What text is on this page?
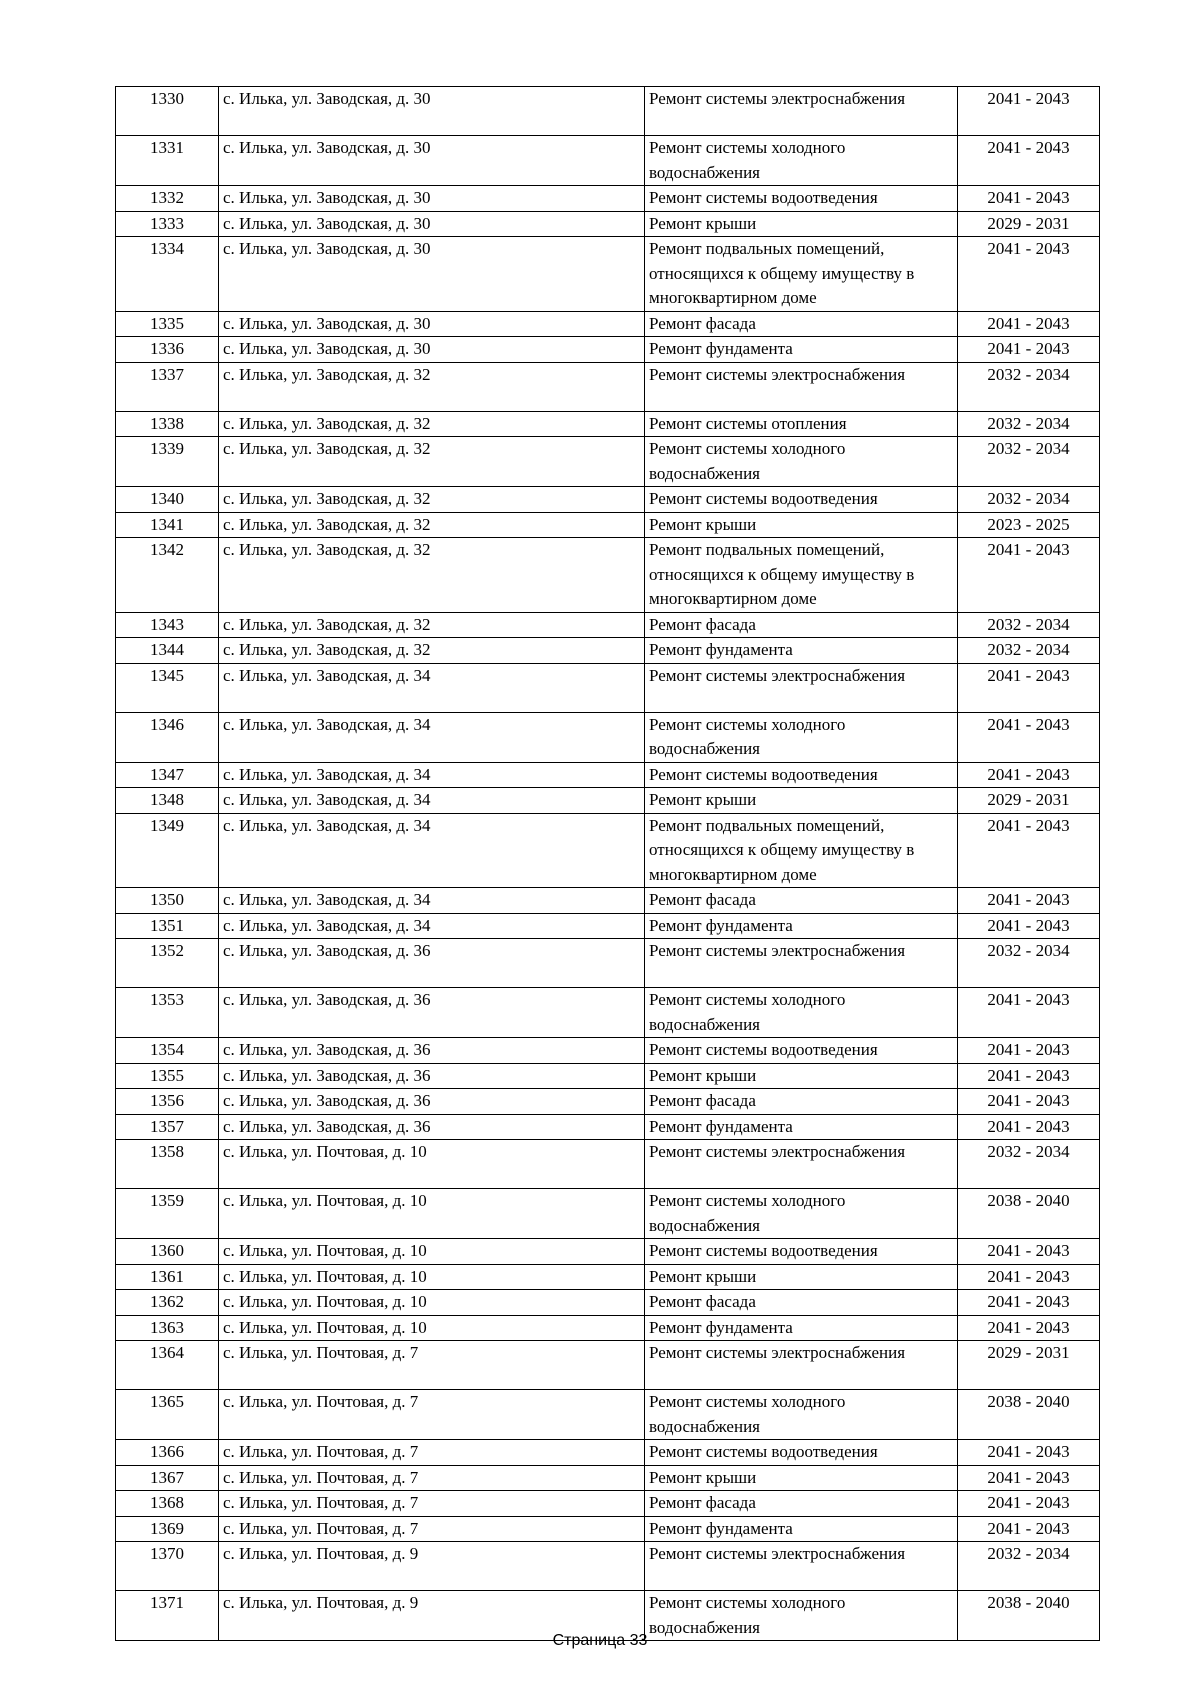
1330	с. Илька, ул. Заводская, д. 30	Ремонт системы электроснабжения	2041 - 2043
1331	с. Илька, ул. Заводская, д. 30	Ремонт системы холодного
водоснабжения	2041 - 2043
1332	с. Илька, ул. Заводская, д. 30	Ремонт системы водоотведения	2041 - 2043
1333	с. Илька, ул. Заводская, д. 30	Ремонт крыши	2029 - 2031
1334	с. Илька, ул. Заводская, д. 30	Ремонт подвальных помещений,
относящихся к общему имуществу в
многоквартирном доме	2041 - 2043
1335	с. Илька, ул. Заводская, д. 30	Ремонт фасада	2041 - 2043
1336	с. Илька, ул. Заводская, д. 30	Ремонт фундамента	2041 - 2043
1337	с. Илька, ул. Заводская, д. 32	Ремонт системы электроснабжения	2032 - 2034
1338	с. Илька, ул. Заводская, д. 32	Ремонт системы отопления	2032 - 2034
1339	с. Илька, ул. Заводская, д. 32	Ремонт системы холодного
водоснабжения	2032 - 2034
1340	с. Илька, ул. Заводская, д. 32	Ремонт системы водоотведения	2032 - 2034
1341	с. Илька, ул. Заводская, д. 32	Ремонт крыши	2023 - 2025
1342	с. Илька, ул. Заводская, д. 32	Ремонт подвальных помещений,
относящихся к общему имуществу в
многоквартирном доме	2041 - 2043
1343	с. Илька, ул. Заводская, д. 32	Ремонт фасада	2032 - 2034
1344	с. Илька, ул. Заводская, д. 32	Ремонт фундамента	2032 - 2034
1345	с. Илька, ул. Заводская, д. 34	Ремонт системы электроснабжения	2041 - 2043
1346	с. Илька, ул. Заводская, д. 34	Ремонт системы холодного
водоснабжения	2041 - 2043
1347	с. Илька, ул. Заводская, д. 34	Ремонт системы водоотведения	2041 - 2043
1348	с. Илька, ул. Заводская, д. 34	Ремонт крыши	2029 - 2031
1349	с. Илька, ул. Заводская, д. 34	Ремонт подвальных помещений,
относящихся к общему имуществу в
многоквартирном доме	2041 - 2043
1350	с. Илька, ул. Заводская, д. 34	Ремонт фасада	2041 - 2043
1351	с. Илька, ул. Заводская, д. 34	Ремонт фундамента	2041 - 2043
1352	с. Илька, ул. Заводская, д. 36	Ремонт системы электроснабжения	2032 - 2034
1353	с. Илька, ул. Заводская, д. 36	Ремонт системы холодного
водоснабжения	2041 - 2043
1354	с. Илька, ул. Заводская, д. 36	Ремонт системы водоотведения	2041 - 2043
1355	с. Илька, ул. Заводская, д. 36	Ремонт крыши	2041 - 2043
1356	с. Илька, ул. Заводская, д. 36	Ремонт фасада	2041 - 2043
1357	с. Илька, ул. Заводская, д. 36	Ремонт фундамента	2041 - 2043
1358	с. Илька, ул. Почтовая, д. 10	Ремонт системы электроснабжения	2032 - 2034
1359	с. Илька, ул. Почтовая, д. 10	Ремонт системы холодного
водоснабжения	2038 - 2040
1360	с. Илька, ул. Почтовая, д. 10	Ремонт системы водоотведения	2041 - 2043
1361	с. Илька, ул. Почтовая, д. 10	Ремонт крыши	2041 - 2043
1362	с. Илька, ул. Почтовая, д. 10	Ремонт фасада	2041 - 2043
1363	с. Илька, ул. Почтовая, д. 10	Ремонт фундамента	2041 - 2043
1364	с. Илька, ул. Почтовая, д. 7	Ремонт системы электроснабжения	2029 - 2031
1365	с. Илька, ул. Почтовая, д. 7	Ремонт системы холодного
водоснабжения	2038 - 2040
1366	с. Илька, ул. Почтовая, д. 7	Ремонт системы водоотведения	2041 - 2043
1367	с. Илька, ул. Почтовая, д. 7	Ремонт крыши	2041 - 2043
1368	с. Илька, ул. Почтовая, д. 7	Ремонт фасада	2041 - 2043
1369	с. Илька, ул. Почтовая, д. 7	Ремонт фундамента	2041 - 2043
1370	с. Илька, ул. Почтовая, д. 9	Ремонт системы электроснабжения	2032 - 2034
1371	с. Илька, ул. Почтовая, д. 9	Ремонт системы холодного
водоснабжения	2038 - 2040
Страница 33
